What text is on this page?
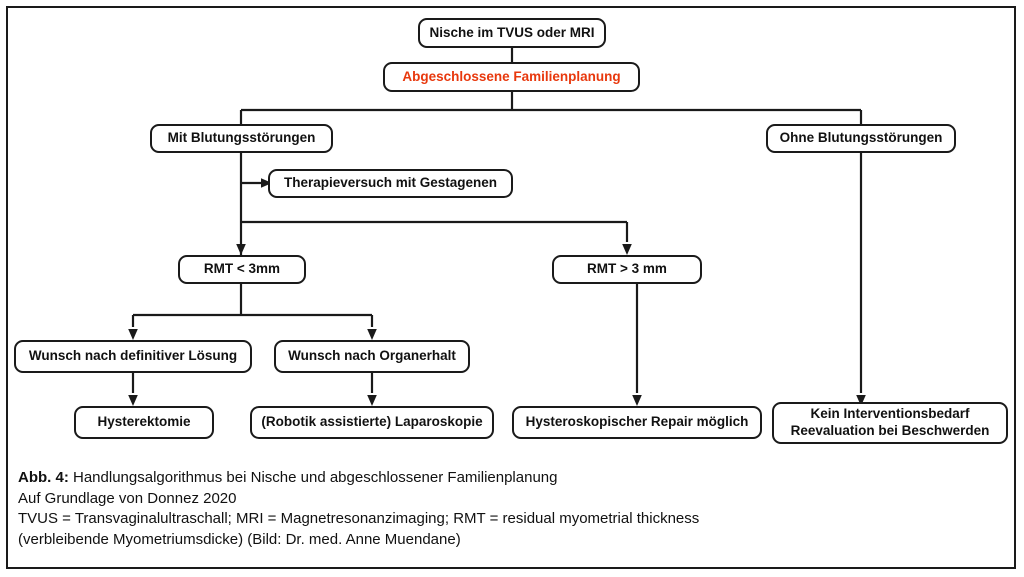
Nische im TVUS oder MRI
Abgeschlossene Familienplanung
Mit Blutungsstörungen	Ohne Blutungsstörungen
Therapieversuch mit Gestagenen
RMT < 3mm	RMT > 3 mm
Wunsch nach definitiver Lösung	Wunsch nach Organerhalt
Hysterektomie	(Robotik assistierte) Laparoskopie	Hysteroskopischer Repair möglich
Kein Interventionsbedarf
Reevaluation bei Beschwerden
Abb. 4: Handlungsalgorithmus bei Nische und abgeschlossener Familienplanung
Auf Grundlage von Donnez 2020
TVUS = Transvaginalultraschall; MRI = Magnetresonanzimaging; RMT = residual myometrial thickness
(verbleibende Myometriumsdicke) (Bild: Dr. med. Anne Muendane)
